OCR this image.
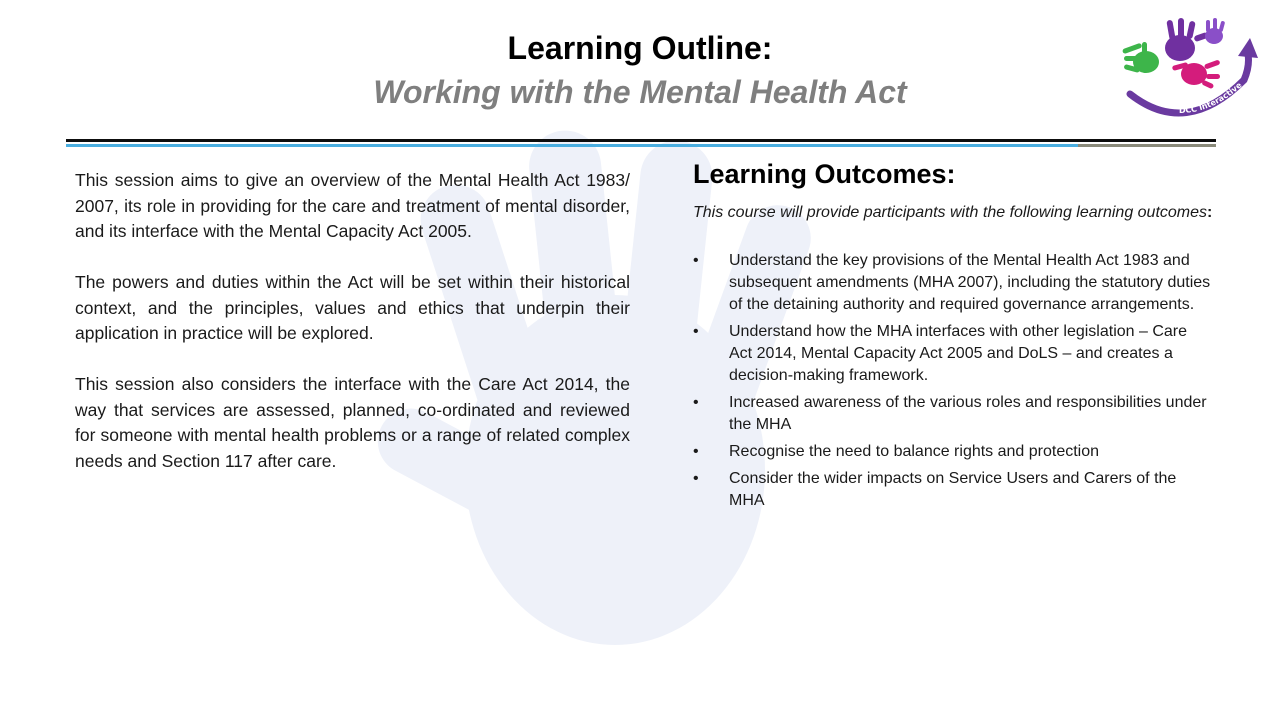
Learning Outline:
Working with the Mental Health Act
DCC Interactive

This session aims to give an overview of the Mental Health Act 1983/ 2007, its role in providing for the care and treatment of mental disorder, and its interface with the Mental Capacity Act 2005.

The powers and duties within the Act will be set within their historical context, and the principles, values and ethics that underpin their application in practice will be explored.

This session also considers the interface with the Care Act 2014, the way that services are assessed, planned, co-ordinated and reviewed for someone with mental health problems or a range of related complex needs and Section 117 after care.

Learning Outcomes:
This course will provide participants with the following learning outcomes:
• Understand the key provisions of the Mental Health Act 1983 and subsequent amendments (MHA 2007), including the statutory duties of the detaining authority and required governance arrangements.
• Understand how the MHA interfaces with other legislation – Care Act 2014, Mental Capacity Act 2005 and DoLS – and creates a decision-making framework.
• Increased awareness of the various roles and responsibilities under the MHA
• Recognise the need to balance rights and protection
• Consider the wider impacts on Service Users and Carers of the MHA
